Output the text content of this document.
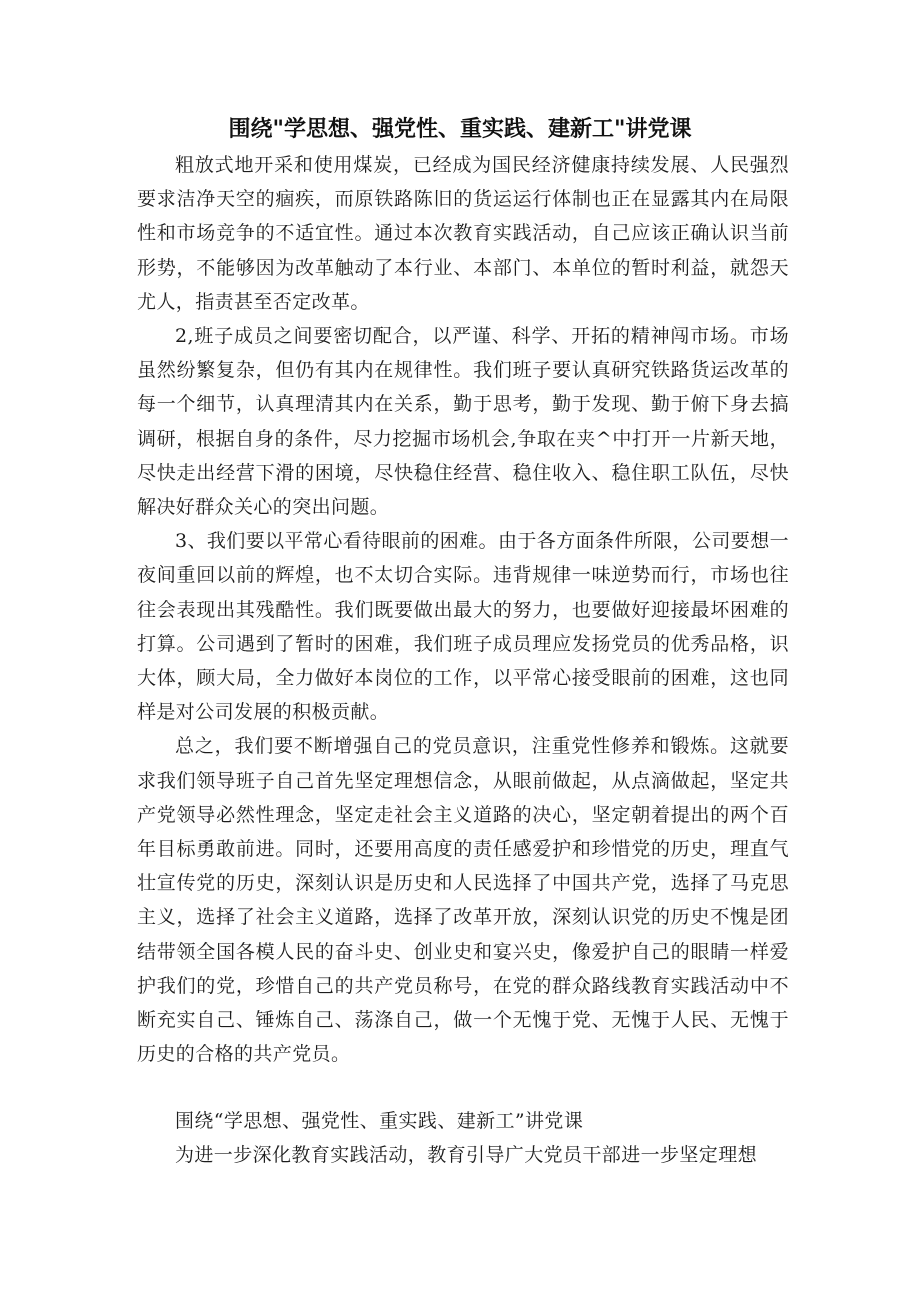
围绕"学思想、强党性、重实践、建新工"讲党课

粗放式地开采和使用煤炭，已经成为国民经济健康持续发展、人民强烈要求洁净天空的痼疾，而原铁路陈旧的货运运行体制也正在显露其内在局限性和市场竞争的不适宜性。通过本次教育实践活动，自己应该正确认识当前形势，不能够因为改革触动了本行业、本部门、本单位的暂时利益，就怨天尤人，指责甚至否定改革。

2,班子成员之间要密切配合，以严谨、科学、开拓的精神闯市场。市场虽然纷繁复杂，但仍有其内在规律性。我们班子要认真研究铁路货运改革的每一个细节，认真理清其内在关系，勤于思考，勤于发现、勤于俯下身去搞调研，根据自身的条件，尽力挖掘市场机会,争取在夹^中打开一片新天地，尽快走出经营下滑的困境，尽快稳住经营、稳住收入、稳住职工队伍，尽快解决好群众关心的突出问题。

3、我们要以平常心看待眼前的困难。由于各方面条件所限，公司要想一夜间重回以前的辉煌，也不太切合实际。违背规律一味逆势而行，市场也往往会表现出其残酷性。我们既要做出最大的努力，也要做好迎接最坏困难的打算。公司遇到了暂时的困难，我们班子成员理应发扬党员的优秀品格，识大体，顾大局，全力做好本岗位的工作，以平常心接受眼前的困难，这也同样是对公司发展的积极贡献。

总之，我们要不断增强自己的党员意识，注重党性修养和锻炼。这就要求我们领导班子自己首先坚定理想信念，从眼前做起，从点滴做起，坚定共产党领导必然性理念，坚定走社会主义道路的决心，坚定朝着提出的两个百年目标勇敢前进。同时，还要用高度的责任感爱护和珍惜党的历史，理直气壮宣传党的历史，深刻认识是历史和人民选择了中国共产党，选择了马克思主义，选择了社会主义道路，选择了改革开放，深刻认识党的历史不愧是团结带领全国各模人民的奋斗史、创业史和宴兴史，像爱护自己的眼睛一样爱护我们的党，珍惜自己的共产党员称号，在党的群众路线教育实践活动中不断充实自己、锤炼自己、荡涤自己，做一个无愧于党、无愧于人民、无愧于历史的合格的共产党员。

围绕“学思想、强党性、重实践、建新工”讲党课

为进一步深化教育实践活动，教育引导广大党员干部进一步坚定理想
